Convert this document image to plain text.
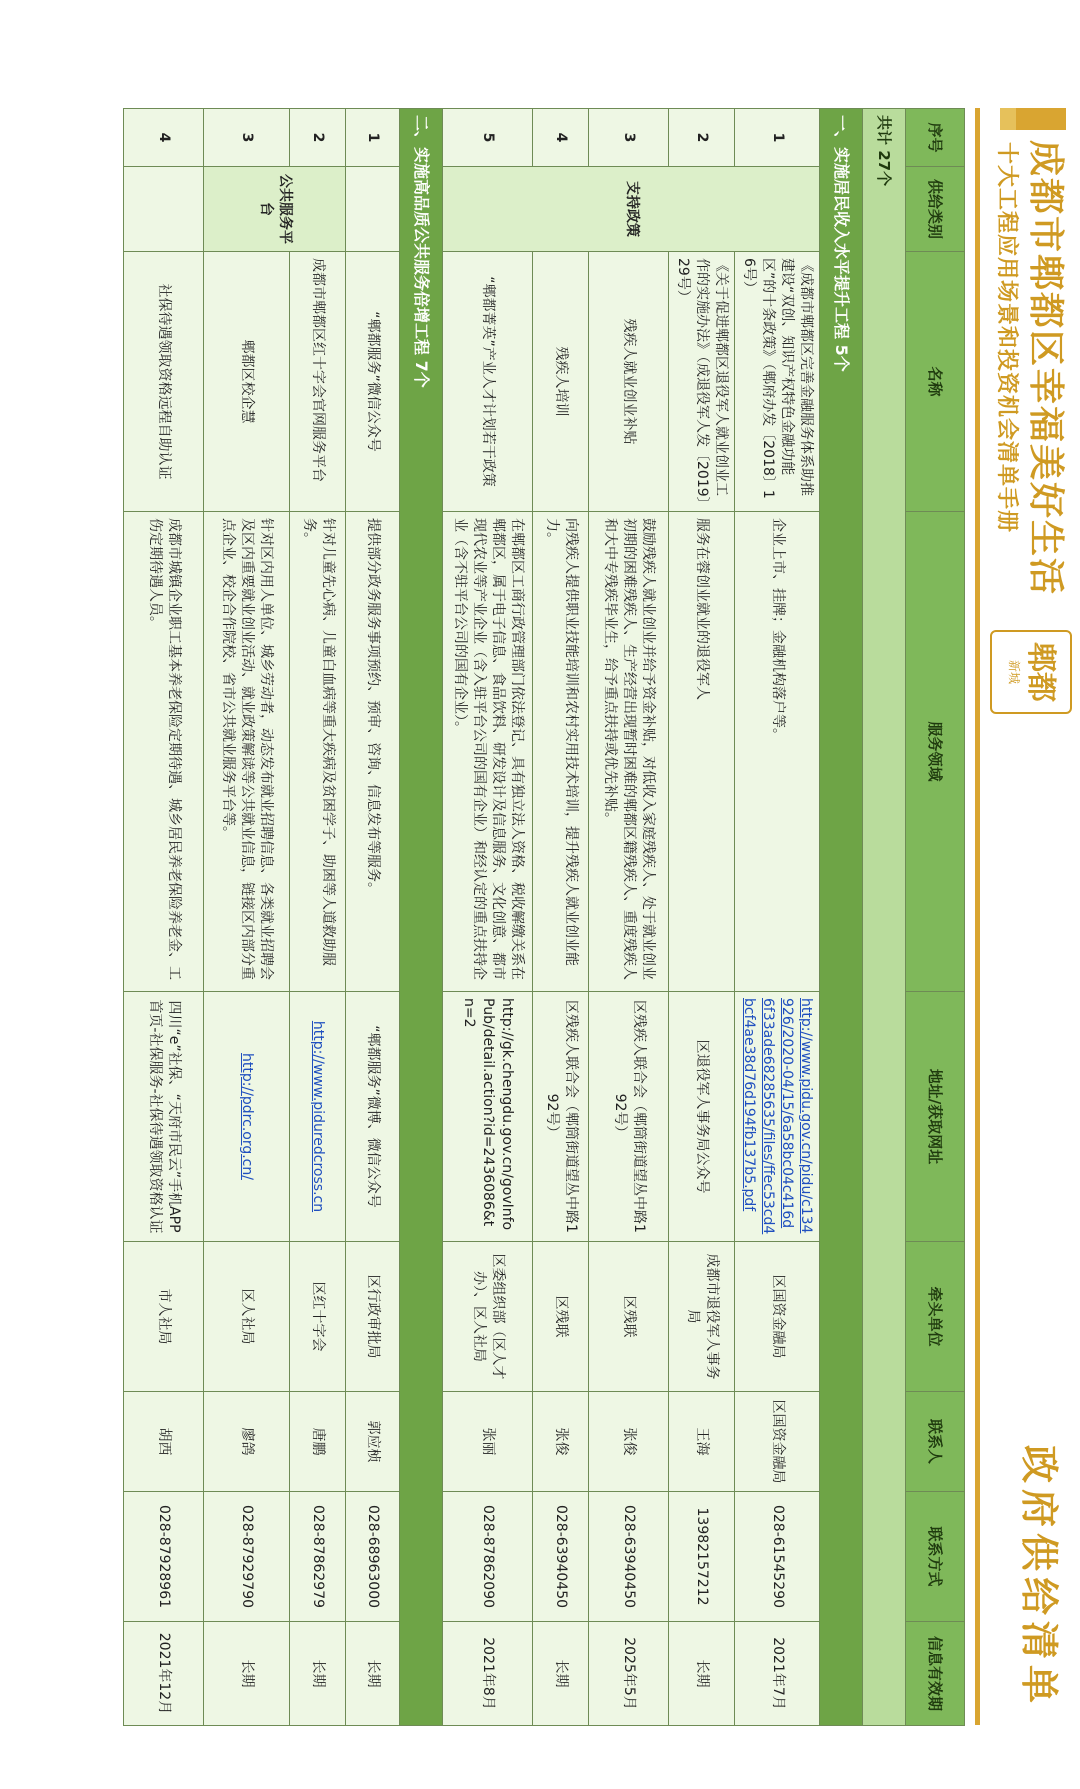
成都市郫都区幸福美好生活
十大工程应用场景和投资机会清单手册
郫都
新城
政府供给清单
序号	供给类别	名称	服务领域	地址/获取网址	牵头单位	联系人	联系方式	信息有效期
共计 27个								
一、实施居民收入水平提升工程 5个								
1	支持政策	《成都市郫都区完善金融服务体系助推建设“双创、知识产权特色金融功能区”的十条政策》（郫府办发〔2018〕16号）	企业上市、挂牌；金融机构落户等。	http://www.pidu.gov.cn/pidu/c134926/2020-04/15/6a58bc04c416d6f33ade68285635/files/ffec53cd4bcf4ae38d76d194fb137b5.pdf	区国资金融局	区国资金融局	028-61545290	2021年7月
2		《关于促进郫都区退役军人就业创业工作的实施办法》（成退役军人发〔2019〕29号）	服务在蓉创业就业的退役军人	区退役军人事务局公众号	成都市退役军人事务局	王海	13982157212	长期
3		残疾人就业创业补贴	鼓励残疾人就业创业并给予资金补贴，对低收入家庭残疾人、处于就业创业初期的困难残疾人、生产经营出现暂时困难的郫都区籍残疾人、重度残疾人和大中专残疾毕业生，给予重点扶持或优先补贴。	区残疾人联合会（郫筒街道望丛中路192号）	区残联	张俊	028-63940450	2025年5月
4		残疾人培训	向残疾人提供职业技能培训和农村实用技术培训，提升残疾人就业创业能力。	区残疾人联合会（郫筒街道望丛中路192号）	区残联	张俊	028-63940450	长期
5		“郫都菁英”产业人才计划若干政策	在郫都区工商行政管理部门依法登记、具有独立法人资格、税收解缴关系在郫都区，属于电子信息、食品饮料、研发设计及信息服务、文化创意、都市现代农业等产业企业（含入驻平台公司的国有企业）和经认定的重点扶持企业（含不驻平台公司的国有企业）。	http://gk.chengdu.gov.cn/govInfoPub/detail.action?id=2436086&tn=2	区委组织部（区人才办）、区人社局	张丽	028-87862090	2021年8月
二、实施高品质公共服务倍增工程 7个								
1		“郫都服务”微信公众号	提供部分政务服务事项预约、预审、咨询、信息发布等服务。	“郫都服务”微博、微信公众号	区行政审批局	郭应桢	028-68963000	长期
2	公共服务平台	成都市郫都区红十字会官网服务平台	针对儿童先心病、儿童白血病等重大疾病及贫困学子、助困等人道救助服务。	http://www.piduredcross.cn	区红十字会	唐鹏	028-87862979	长期
3		郫都区校企慧	针对区内用人单位、城乡劳动者，动态发布就业招聘信息、各类就业招聘会及区内重要就业创业活动、就业政策解读等公共就业信息，链接区内部分重点企业、校企合作院校、省市公共就业服务平台等。	http://pdrc.org.cn/	区人社局	廖鸽	028-87929790	长期
4		社保待遇领取资格远程自助认证	成都市城镇企业职工基本养老保险定期待遇、城乡居民养老保险养老金、工伤定期待遇人员。	四川“e”社保、“天府市民云”手机APP首页-社保服务-社保待遇领取资格认证	市人社局	胡西	028-87928961	2021年12月
